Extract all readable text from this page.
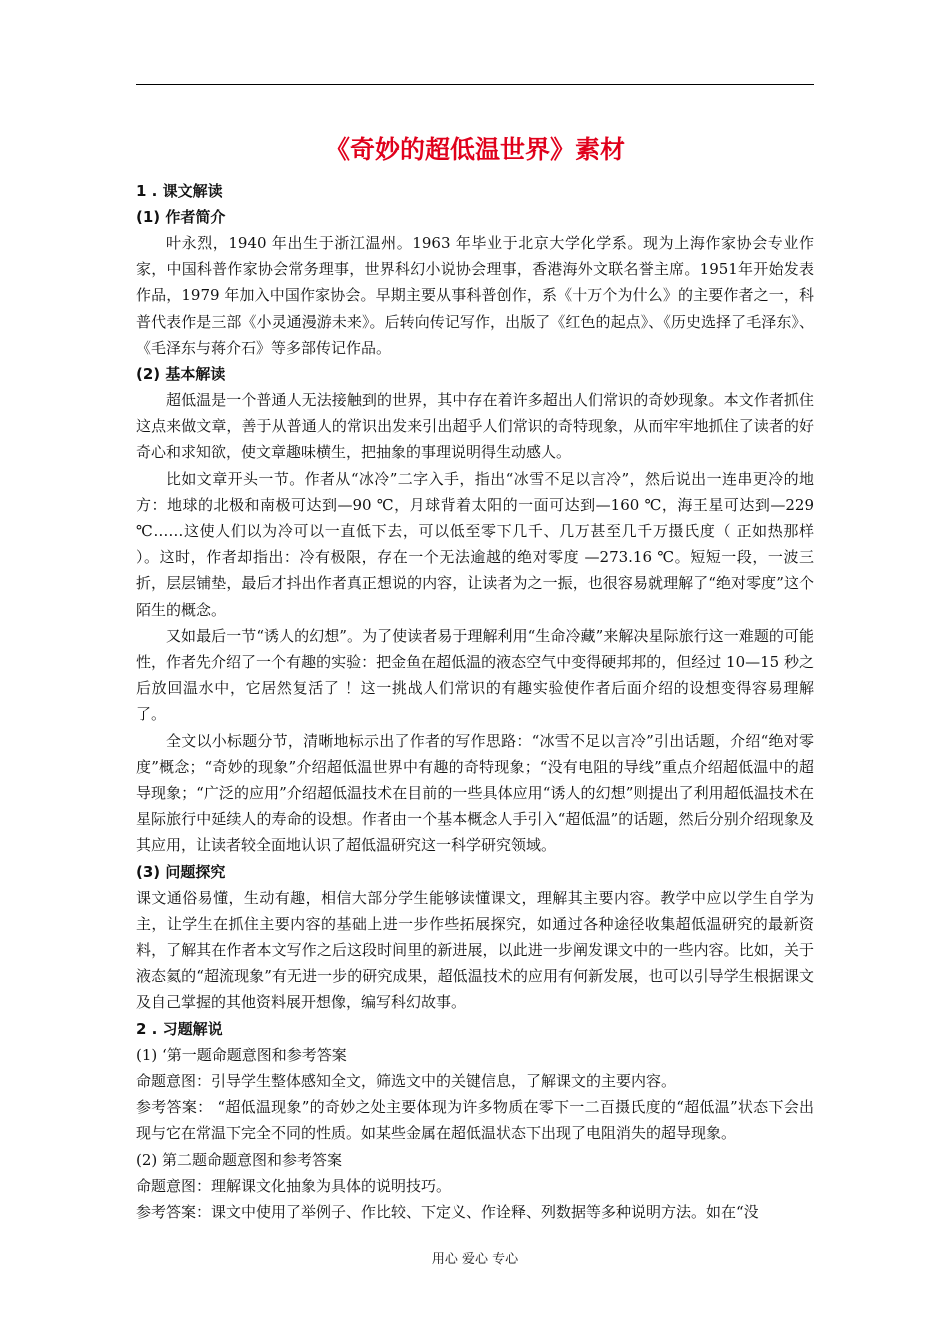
《奇妙的超低温世界》素材
1 . 课文解读
(1) 作者简介

叶永烈，1940 年出生于浙江温州。1963 年毕业于北京大学化学系。现为上海作家协会专业作家，中国科普作家协会常务理事，世界科幻小说协会理事，香港海外文联名誉主席。1951年开始发表作品，1979 年加入中国作家协会。早期主要从事科普创作，系《十万个为什么》的主要作者之一，科普代表作是三部《小灵通漫游未来》。后转向传记写作，出版了《红色的起点》、《历史选择了毛泽东》、《毛泽东与蒋介石》等多部传记作品。

(2) 基本解读

超低温是一个普通人无法接触到的世界，其中存在着许多超出人们常识的奇妙现象。本文作者抓住这点来做文章，善于从普通人的常识出发来引出超乎人们常识的奇特现象，从而牢牢地抓住了读者的好奇心和求知欲，使文章趣味横生，把抽象的事理说明得生动感人。

比如文章开头一节。作者从“冰冷”二字入手，指出“冰雪不足以言冷”，然后说出一连串更冷的地方：地球的北极和南极可达到—90 ℃，月球背着太阳的一面可达到—160 ℃，海王星可达到—229 ℃……这使人们以为冷可以一直低下去，可以低至零下几千、几万甚至几千万摄氏度（ 正如热那样 ）。这时，作者却指出：冷有极限，存在一个无法逾越的绝对零度 —273.16 ℃。短短一段，一波三折，层层铺垫，最后才抖出作者真正想说的内容，让读者为之一振，也很容易就理解了“绝对零度”这个陌生的概念。

又如最后一节“诱人的幻想”。为了使读者易于理解利用“生命冷藏”来解决星际旅行这一难题的可能性，作者先介绍了一个有趣的实验：把金鱼在超低温的液态空气中变得硬邦邦的，但经过 10—15 秒之后放回温水中，它居然复活了 ！这一挑战人们常识的有趣实验使作者后面介绍的设想变得容易理解了。

全文以小标题分节，清晰地标示出了作者的写作思路：“冰雪不足以言冷”引出话题，介绍“绝对零度”概念；“奇妙的现象”介绍超低温世界中有趣的奇特现象；“没有电阻的导线”重点介绍超低温中的超导现象；“广泛的应用”介绍超低温技术在目前的一些具体应用“诱人的幻想”则提出了利用超低温技术在星际旅行中延续人的寿命的设想。作者由一个基本概念人手引入“超低温”的话题，然后分别介绍现象及其应用，让读者较全面地认识了超低温研究这一科学研究领域。

(3) 问题探究

课文通俗易懂，生动有趣，相信大部分学生能够读懂课文，理解其主要内容。教学中应以学生自学为主，让学生在抓住主要内容的基础上进一步作些拓展探究，如通过各种途径收集超低温研究的最新资料，了解其在作者本文写作之后这段时间里的新进展，以此进一步阐发课文中的一些内容。比如，关于液态氦的“超流现象”有无进一步的研究成果，超低温技术的应用有何新发展，也可以引导学生根据课文及自己掌握的其他资料展开想像，编写科幻故事。

2 . 习题解说
(1) ‘第一题命题意图和参考答案

命题意图：引导学生整体感知全文，筛选文中的关键信息，了解课文的主要内容。

参考答案： “超低温现象”的奇妙之处主要体现为许多物质在零下一二百摄氏度的“超低温”状态下会出现与它在常温下完全不同的性质。如某些金属在超低温状态下出现了电阻消失的超导现象。

(2) 第二题命题意图和参考答案

命题意图：理解课文化抽象为具体的说明技巧。

参考答案：课文中使用了举例子、作比较、下定义、作诠释、列数据等多种说明方法。如在“没

用心 爱心 专心
